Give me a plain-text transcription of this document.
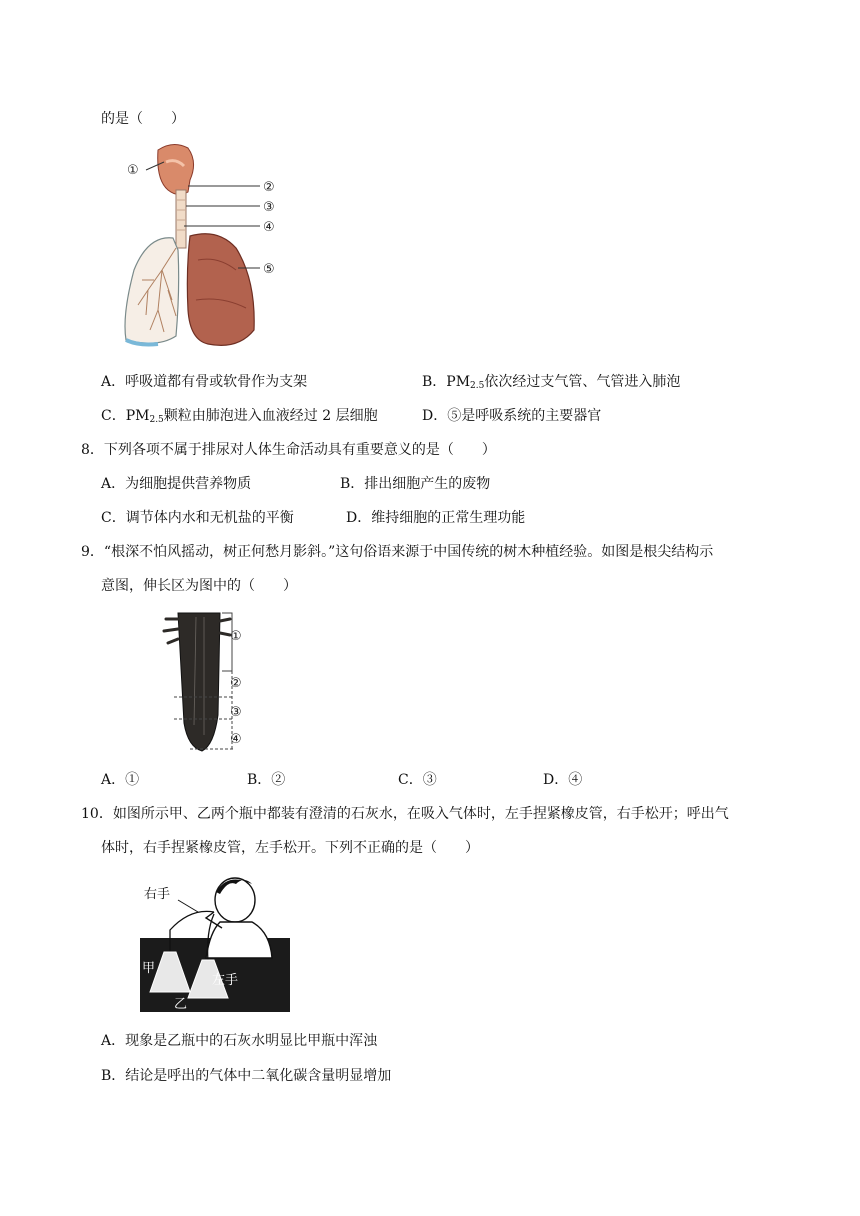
的是（　　）
①
②
③
④
⑤
A．呼吸道都有骨或软骨作为支架	B．$PM_{2.5}$依次经过支气管、气管进入肺泡
C．$PM_{2.5}$颗粒由肺泡进入血液经过 2 层细胞	D．⑤是呼吸系统的主要器官
8．下列各项不属于排尿对人体生命活动具有重要意义的是（　　）
A．为细胞提供营养物质	B．排出细胞产生的废物
C．调节体内水和无机盐的平衡	D．维持细胞的正常生理功能
9．“根深不怕风摇动，树正何愁月影斜。”这句俗语来源于中国传统的树木种植经验。如图是根尖结构示
意图，伸长区为图中的（　　）
①
②
③
④
A．①	B．②	C．③	D．④
10．如图所示甲、乙两个瓶中都装有澄清的石灰水，在吸入气体时，左手捏紧橡皮管，右手松开；呼出气
体时，右手捏紧橡皮管，左手松开。下列不正确的是（　　）
右手
甲
乙
左手
A．现象是乙瓶中的石灰水明显比甲瓶中浑浊
B．结论是呼出的气体中二氧化碳含量明显增加
